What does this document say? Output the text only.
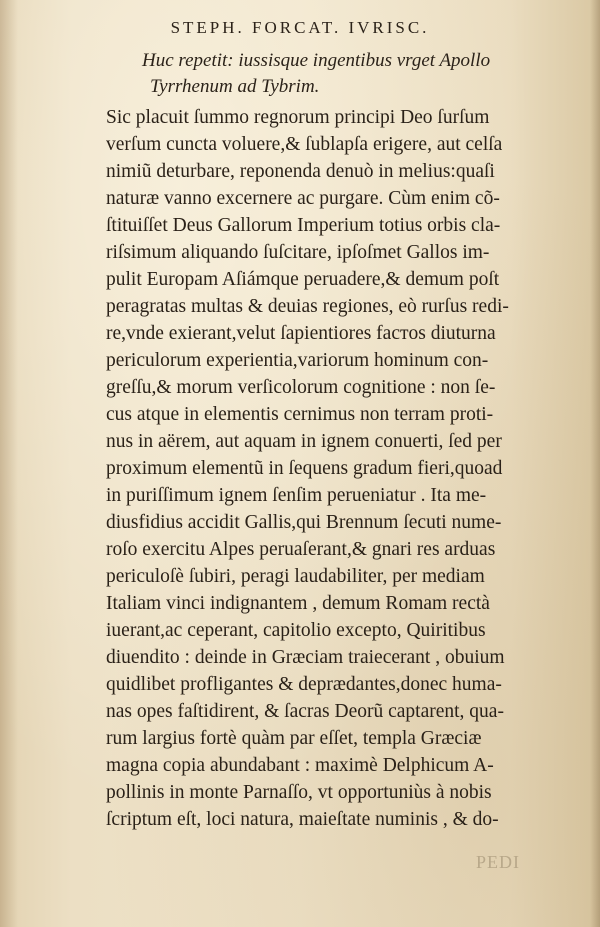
STEPH. FORCAT. IVRISC.
Huc repetit: iussisque ingentibus vrget Apollo
Tyrrhenum ad Tybrim.
Sic placuit ſummo regnorum principi Deo ſurſum
verſum cuncta voluere,& ſublapſa erigere, aut celſa
nimiũ deturbare, reponenda denuò in melius:quaſi
naturæ vanno excernere ac purgare. Cùm enim cõ-
ſtituiſſet Deus Gallorum Imperium totius orbis cla-
riſsimum aliquando ſuſcitare, ipſoſmet Gallos im-
pulit Europam Aſiámque peruadere,& demum poſt
peragratas multas & deuias regiones, eò rurſus redi-
re,vnde exierant,velut ſapientiores facтos diuturna
periculorum experientia,variorum hominum con-
greſſu,& morum verſicolorum cognitione : non ſe-
cus atque in elementis cernimus non terram proti-
nus in aërem, aut aquam in ignem conuerti, ſed per
proximum elementũ in ſequens gradum fieri,quoad
in puriſſimum ignem ſenſim perueniatur . Ita me-
diusfidius accidit Gallis,qui Brennum ſecuti nume-
roſo exercitu Alpes peruaſerant,& gnari res arduas
periculoſè ſubiri, peragi laudabiliter, per mediam
Italiam vinci indignantem , demum Romam rectà
iuerant,ac ceperant, capitolio excepto, Quiritibus
diuendito : deinde in Græciam traiecerant , obuium
quidlibet profligantes & deprædantes,donec huma-
nas opes faſtidirent, & ſacras Deorũ captarent, qua-
rum largius fortè quàm par eſſet, templa Græciæ
magna copia abundabant : maximè Delphicum A-
pollinis in monte Parnaſſo, vt opportuniùs à nobis
ſcriptum eſt, loci natura, maieſtate numinis , & do-
PEDI
